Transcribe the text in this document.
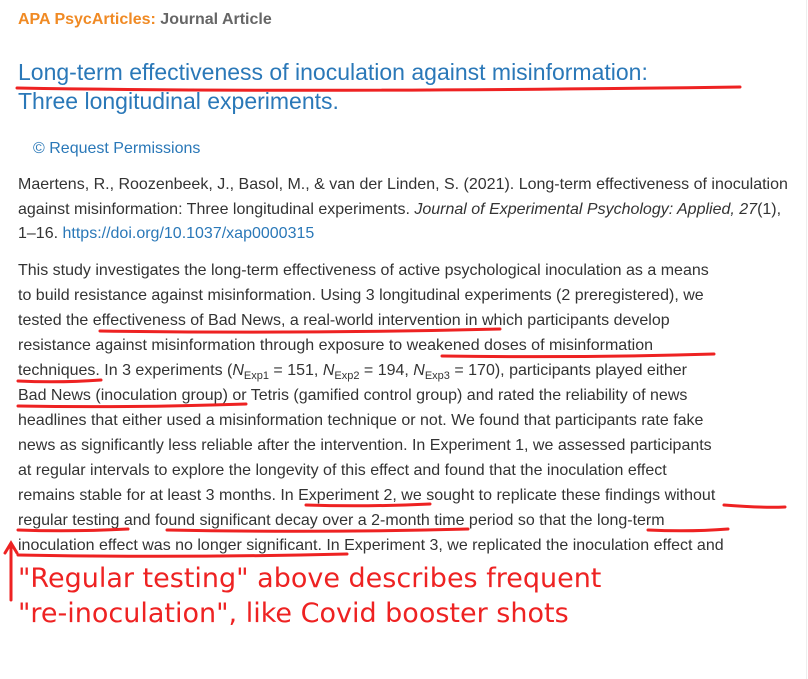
APA PsycArticles: Journal Article
Long-term effectiveness of inoculation against misinformation:
Three longitudinal experiments.
© Request Permissions

Maertens, R., Roozenbeek, J., Basol, M., & van der Linden, S. (2021). Long-term effectiveness of inoculation against misinformation: Three longitudinal experiments. Journal of Experimental Psychology: Applied, 27(1), 1–16. https://doi.org/10.1037/xap0000315

This study investigates the long-term effectiveness of active psychological inoculation as a means
to build resistance against misinformation. Using 3 longitudinal experiments (2 preregistered), we
tested the effectiveness of Bad News, a real-world intervention in which participants develop
resistance against misinformation through exposure to weakened doses of misinformation
techniques. In 3 experiments ($N_{Exp1} = 151$, $N_{Exp2} = 194$, $N_{Exp3} = 170$), participants played either
Bad News (inoculation group) or Tetris (gamified control group) and rated the reliability of news
headlines that either used a misinformation technique or not. We found that participants rate fake
news as significantly less reliable after the intervention. In Experiment 1, we assessed participants
at regular intervals to explore the longevity of this effect and found that the inoculation effect
remains stable for at least 3 months. In Experiment 2, we sought to replicate these findings without
regular testing and found significant decay over a 2-month time period so that the long-term
inoculation effect was no longer significant. In Experiment 3, we replicated the inoculation effect and

"Regular testing" above describes frequent
"re-inoculation", like Covid booster shots
